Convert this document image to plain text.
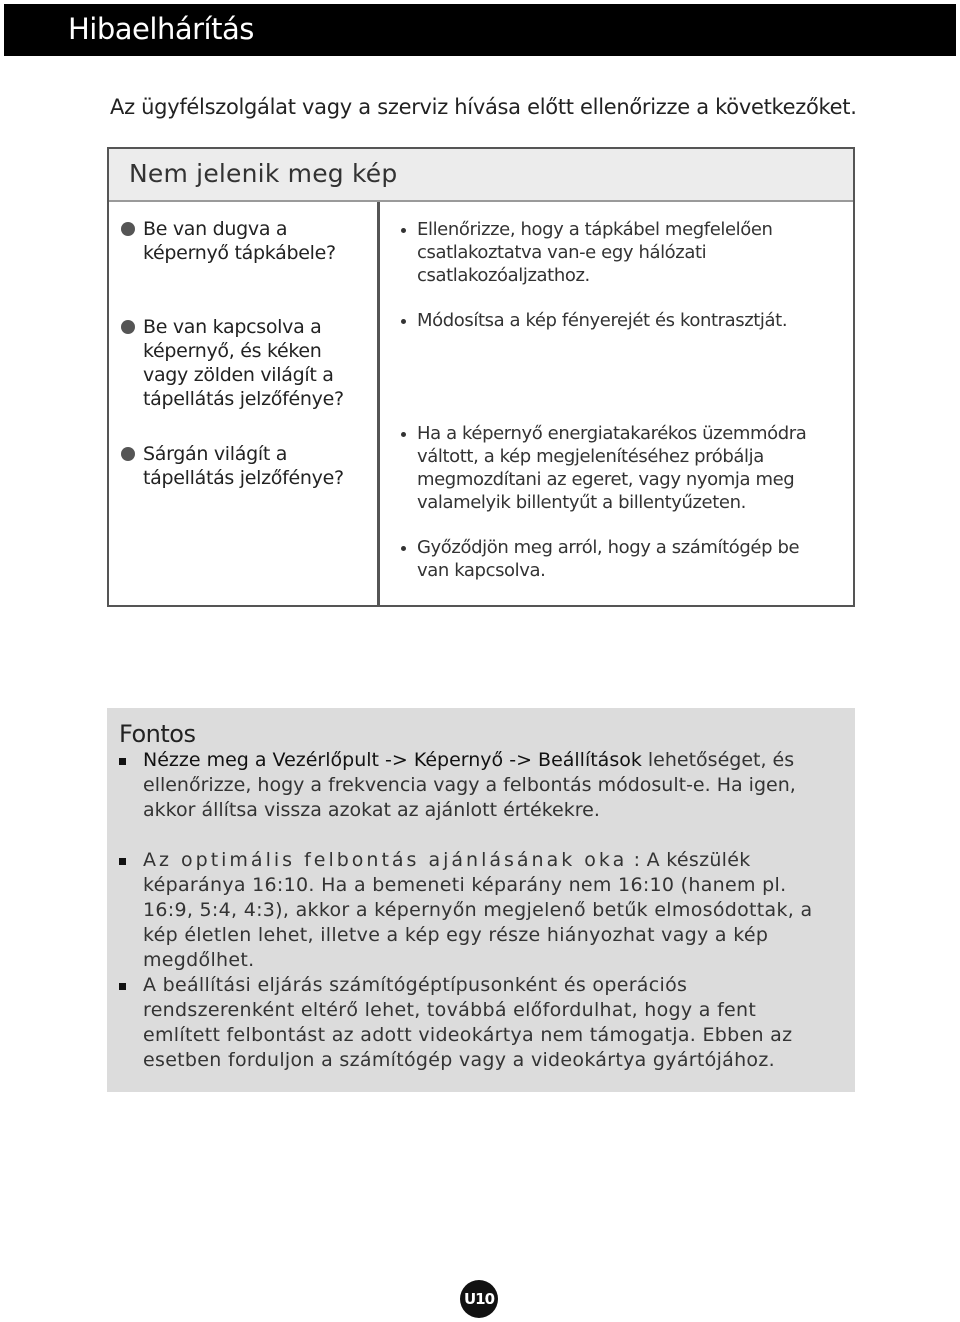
Hibaelhárítás
Az ügyfélszolgálat vagy a szerviz hívása előtt ellenőrizze a következőket.
Nem jelenik meg kép
Be van dugva a képernyő tápkábele?
Be van kapcsolva a képernyő, és kéken vagy zölden világít a tápellátás jelzőfénye?
Sárgán világít a tápellátás jelzőfénye?
Ellenőrizze, hogy a tápkábel megfelelően csatlakoztatva van-e egy hálózati csatlakozóaljzathoz.
Módosítsa a kép fényerejét és kontrasztját.
Ha a képernyő energiatakarékos üzemmódra váltott, a kép megjelenítéséhez próbálja megmozdítani az egeret, vagy nyomja meg valamelyik billentyűt a billentyűzeten.
Győződjön meg arról, hogy a számítógép be van kapcsolva.
Fontos
Nézze meg a Vezérlőpult -> Képernyő -> Beállítások lehetőséget, és ellenőrizze, hogy a frekvencia vagy a felbontás módosult-e. Ha igen, akkor állítsa vissza azokat az ajánlott értékekre.
Az optimális felbontás ajánlásának oka : A készülék képaránya 16:10. Ha a bemeneti képarány nem 16:10 (hanem pl. 16:9, 5:4, 4:3), akkor a képernyőn megjelenő betűk elmosódottak, a kép életlen lehet, illetve a kép egy része hiányozhat vagy a kép megdőlhet.
A beállítási eljárás számítógéptípusonként és operációs rendszerenként eltérő lehet, továbbá előfordulhat, hogy a fent említett felbontást az adott videokártya nem támogatja. Ebben az esetben forduljon a számítógép vagy a videokártya gyártójához.
U10
